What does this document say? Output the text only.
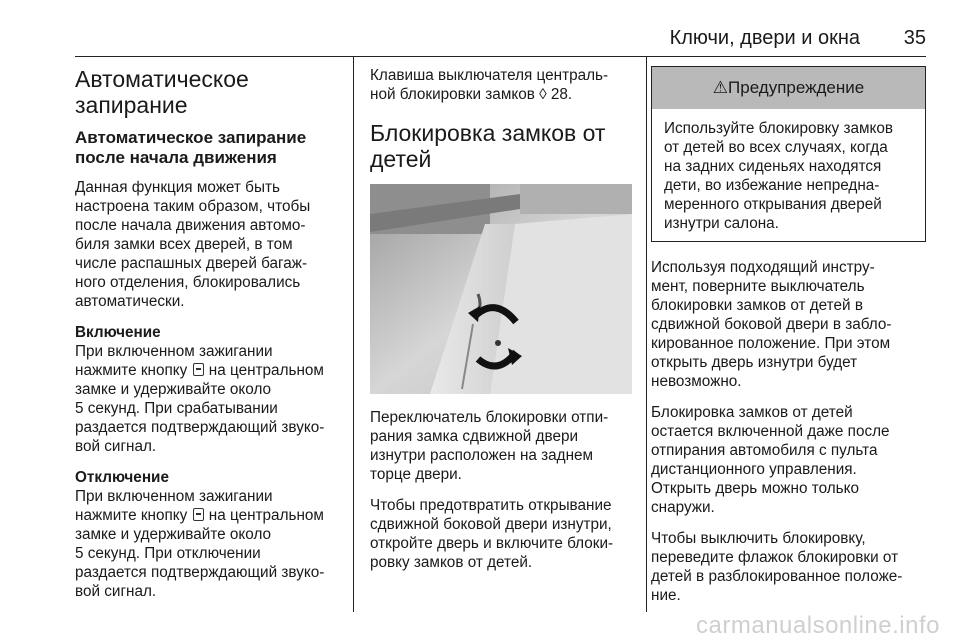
Ключи, двери и окна 35
Автоматическое
запирание
Автоматическое запирание
после начала движения

Данная функция может быть
настроена таким образом, чтобы
после начала движения автомо-
биля замки всех дверей, в том
числе распашных дверей багаж-
ного отделения, блокировались
автоматически.

Включение

При включенном зажигании
нажмите кнопку  на центральном
замке и удерживайте около
5 секунд. При срабатывании
раздается подтверждающий звуко-
вой сигнал.

Отключение

При включенном зажигании
нажмите кнопку  на центральном
замке и удерживайте около
5 секунд. При отключении
раздается подтверждающий звуко-
вой сигнал.

Клавиша выключателя централь-
ной блокировки замков ◊ 28.

Блокировка замков от
детей

Переключатель блокировки отпи-
рания замка сдвижной двери
изнутри расположен на заднем
торце двери.

Чтобы предотвратить открывание
сдвижной боковой двери изнутри,
откройте дверь и включите блоки-
ровку замков от детей.

⚠Предупреждение
Используйте блокировку замков
от детей во всех случаях, когда
на задних сиденьях находятся
дети, во избежание непредна-
меренного открывания дверей
изнутри салона.

Используя подходящий инстру-
мент, поверните выключатель
блокировки замков от детей в
сдвижной боковой двери в забло-
кированное положение. При этом
открыть дверь изнутри будет
невозможно.

Блокировка замков от детей
остается включенной даже после
отпирания автомобиля с пульта
дистанционного управления.
Открыть дверь можно только
снаружи.

Чтобы выключить блокировку,
переведите флажок блокировки от
детей в разблокированное положе-
ние.

carmanualsonline.info
